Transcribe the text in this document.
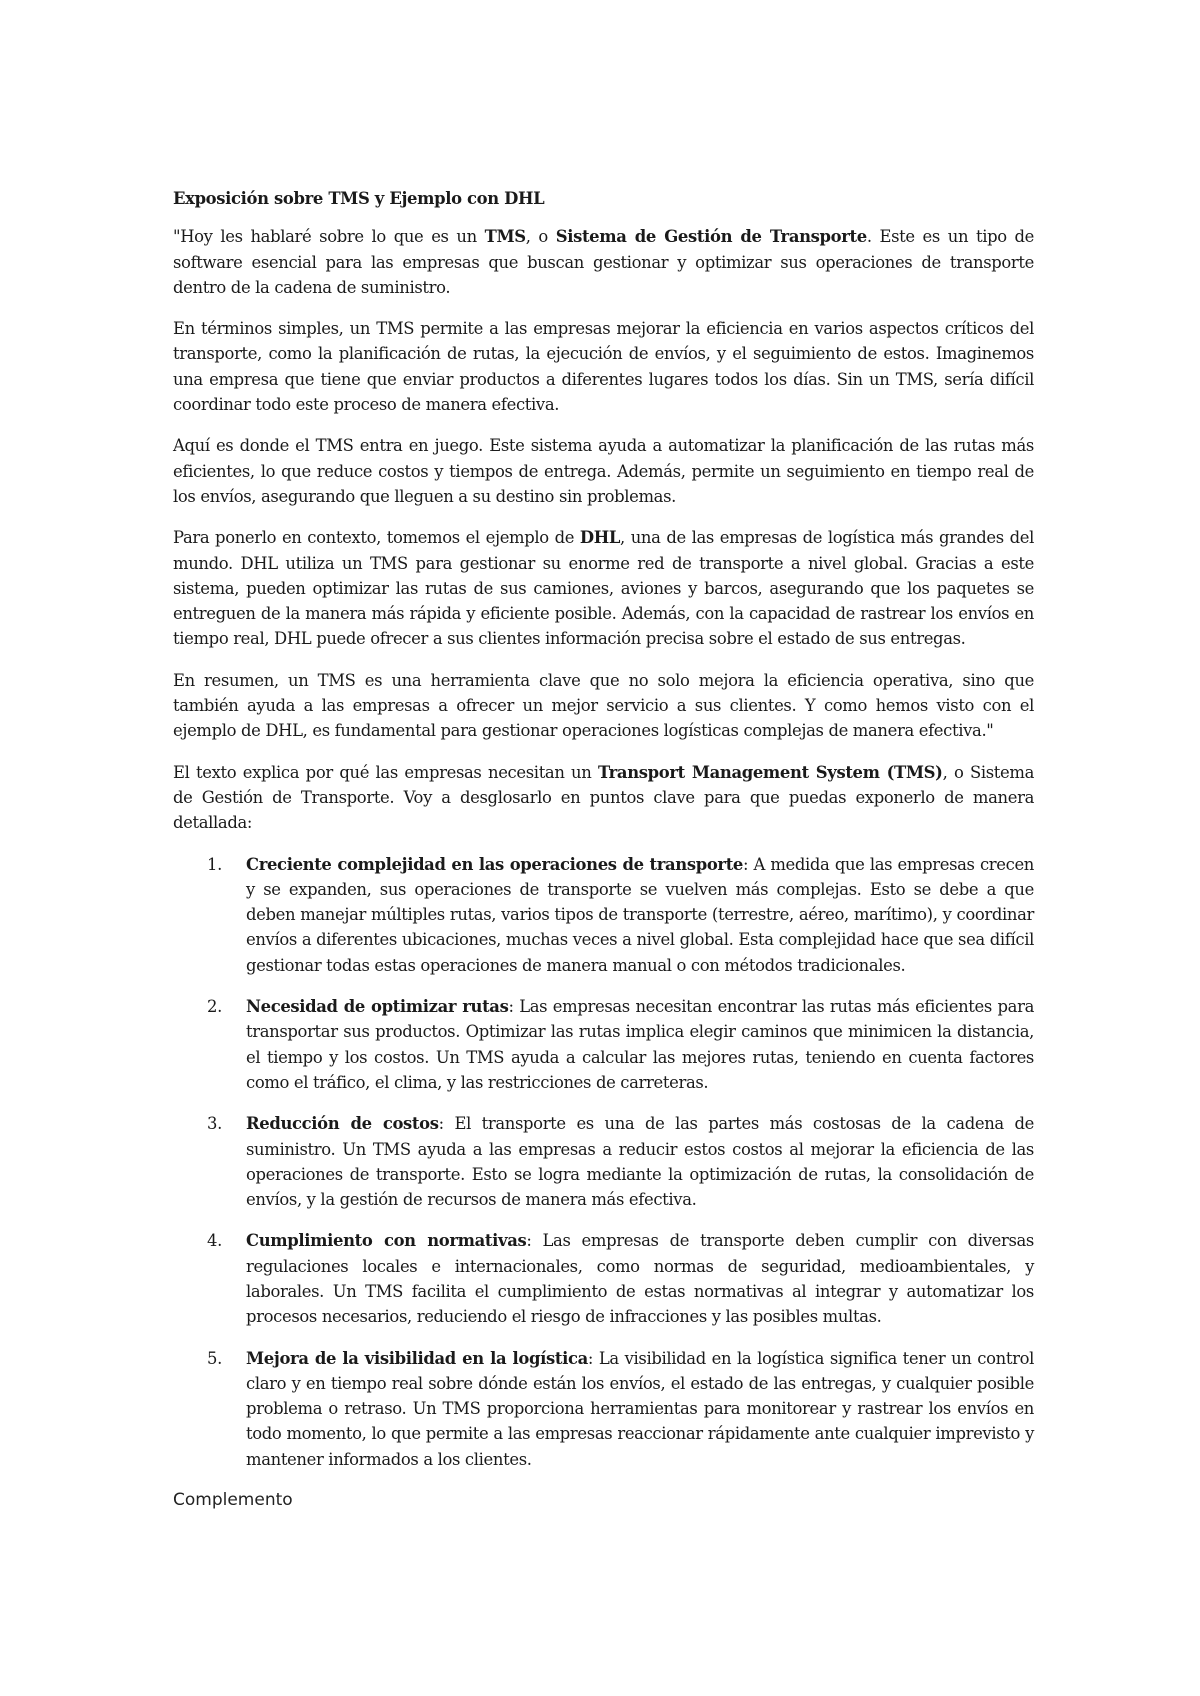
Exposición sobre TMS y Ejemplo con DHL

"Hoy les hablaré sobre lo que es un TMS, o Sistema de Gestión de Transporte. Este es un tipo de software esencial para las empresas que buscan gestionar y optimizar sus operaciones de transporte dentro de la cadena de suministro.

En términos simples, un TMS permite a las empresas mejorar la eficiencia en varios aspectos críticos del transporte, como la planificación de rutas, la ejecución de envíos, y el seguimiento de estos. Imaginemos una empresa que tiene que enviar productos a diferentes lugares todos los días. Sin un TMS, sería difícil coordinar todo este proceso de manera efectiva.

Aquí es donde el TMS entra en juego. Este sistema ayuda a automatizar la planificación de las rutas más eficientes, lo que reduce costos y tiempos de entrega. Además, permite un seguimiento en tiempo real de los envíos, asegurando que lleguen a su destino sin problemas.

Para ponerlo en contexto, tomemos el ejemplo de DHL, una de las empresas de logística más grandes del mundo. DHL utiliza un TMS para gestionar su enorme red de transporte a nivel global. Gracias a este sistema, pueden optimizar las rutas de sus camiones, aviones y barcos, asegurando que los paquetes se entreguen de la manera más rápida y eficiente posible. Además, con la capacidad de rastrear los envíos en tiempo real, DHL puede ofrecer a sus clientes información precisa sobre el estado de sus entregas.

En resumen, un TMS es una herramienta clave que no solo mejora la eficiencia operativa, sino que también ayuda a las empresas a ofrecer un mejor servicio a sus clientes. Y como hemos visto con el ejemplo de DHL, es fundamental para gestionar operaciones logísticas complejas de manera efectiva."

El texto explica por qué las empresas necesitan un Transport Management System (TMS), o Sistema de Gestión de Transporte. Voy a desglosarlo en puntos clave para que puedas exponerlo de manera detallada:

1. Creciente complejidad en las operaciones de transporte: A medida que las empresas crecen y se expanden, sus operaciones de transporte se vuelven más complejas. Esto se debe a que deben manejar múltiples rutas, varios tipos de transporte (terrestre, aéreo, marítimo), y coordinar envíos a diferentes ubicaciones, muchas veces a nivel global. Esta complejidad hace que sea difícil gestionar todas estas operaciones de manera manual o con métodos tradicionales.
2. Necesidad de optimizar rutas: Las empresas necesitan encontrar las rutas más eficientes para transportar sus productos. Optimizar las rutas implica elegir caminos que minimicen la distancia, el tiempo y los costos. Un TMS ayuda a calcular las mejores rutas, teniendo en cuenta factores como el tráfico, el clima, y las restricciones de carreteras.
3. Reducción de costos: El transporte es una de las partes más costosas de la cadena de suministro. Un TMS ayuda a las empresas a reducir estos costos al mejorar la eficiencia de las operaciones de transporte. Esto se logra mediante la optimización de rutas, la consolidación de envíos, y la gestión de recursos de manera más efectiva.
4. Cumplimiento con normativas: Las empresas de transporte deben cumplir con diversas regulaciones locales e internacionales, como normas de seguridad, medioambientales, y laborales. Un TMS facilita el cumplimiento de estas normativas al integrar y automatizar los procesos necesarios, reduciendo el riesgo de infracciones y las posibles multas.
5. Mejora de la visibilidad en la logística: La visibilidad en la logística significa tener un control claro y en tiempo real sobre dónde están los envíos, el estado de las entregas, y cualquier posible problema o retraso. Un TMS proporciona herramientas para monitorear y rastrear los envíos en todo momento, lo que permite a las empresas reaccionar rápidamente ante cualquier imprevisto y mantener informados a los clientes.
Complemento
